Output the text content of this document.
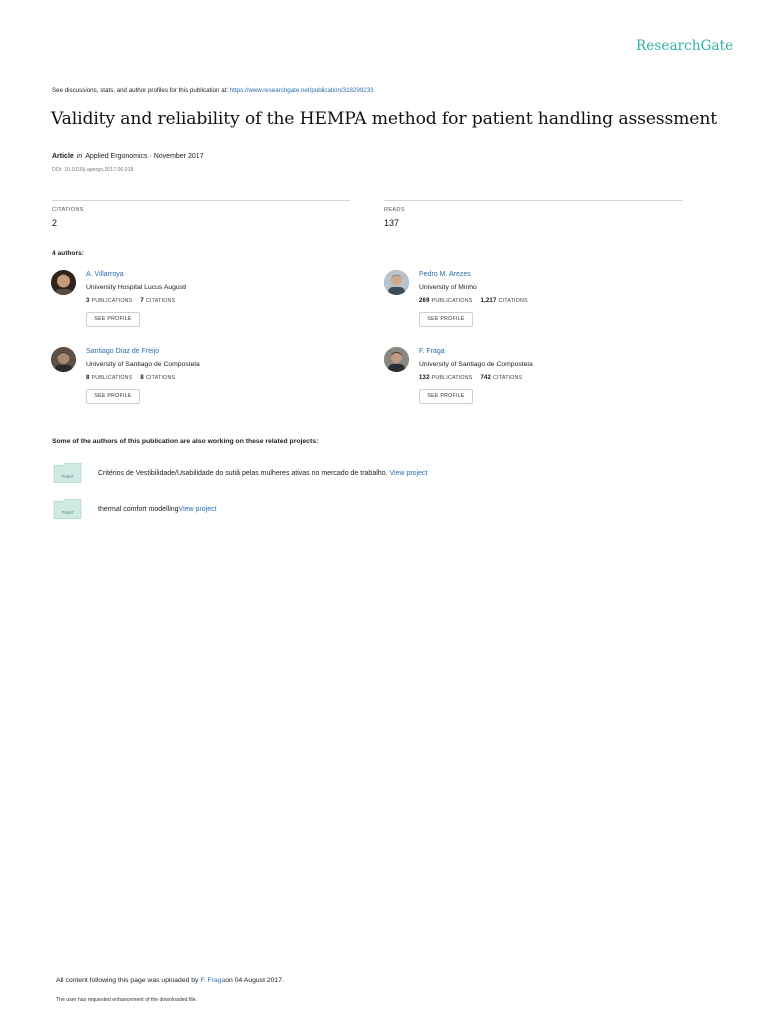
ResearchGate
See discussions, stats, and author profiles for this publication at: https://www.researchgate.net/publication/318299233
Validity and reliability of the HEMPA method for patient handling assessment
Article in Applied Ergonomics · November 2017
DOI: 10.1016/j.apergo.2017.06.018
CITATIONS
2
READS
137
4 authors:
A. Villarroya
University Hospital Lucus Augusti
3 PUBLICATIONS 7 CITATIONS
SEE PROFILE
Pedro M. Arezes
University of Minho
269 PUBLICATIONS 1,217 CITATIONS
SEE PROFILE
Santiago Díaz de Freijo
University of Santiago de Compostela
8 PUBLICATIONS 8 CITATIONS
SEE PROFILE
F. Fraga
University of Santiago de Compostela
132 PUBLICATIONS 742 CITATIONS
SEE PROFILE
Some of the authors of this publication are also working on these related projects:
Project	Critérios de Vestibilidade/Usabilidade do sutiã pelas mulheres ativas no mercado de trabalho. View project
Project	thermal comfort modellingView project
All content following this page was uploaded by F. Fragaon 04 August 2017.
The user has requested enhancement of the downloaded file.
